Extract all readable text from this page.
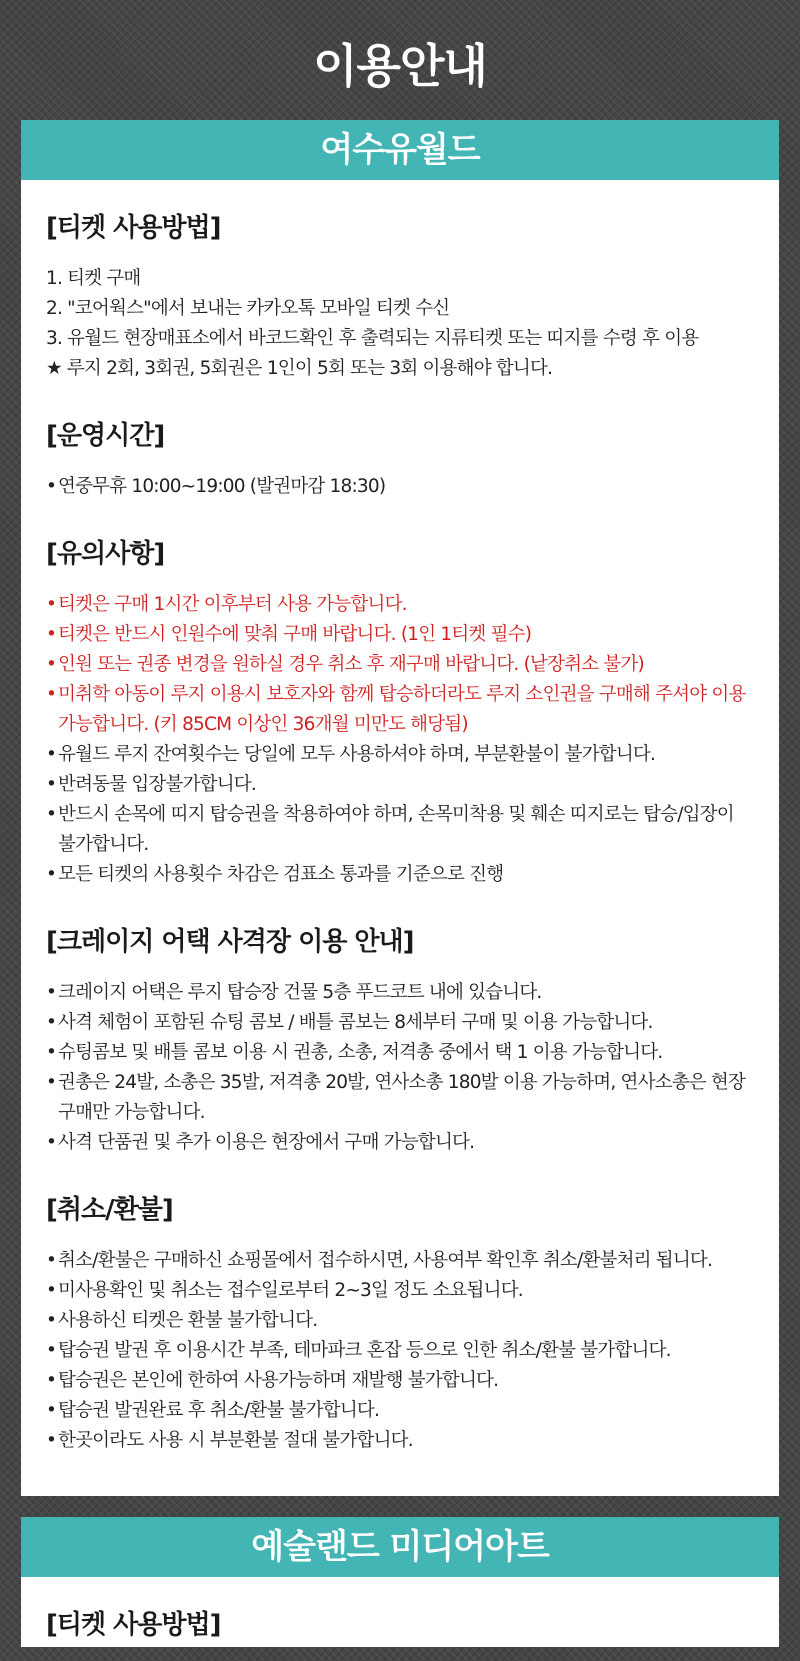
이용안내
여수유월드
[티켓 사용방법]
1. 티켓 구매
2. "코어웍스"에서 보내는 카카오톡 모바일 티켓 수신
3. 유월드 현장매표소에서 바코드확인 후 출력되는 지류티켓 또는 띠지를 수령 후 이용
★ 루지 2회, 3회권, 5회권은 1인이 5회 또는 3회 이용해야 합니다.
[운영시간]
• 연중무휴 10:00~19:00 (발권마감 18:30)
[유의사항]
• 티켓은 구매 1시간 이후부터 사용 가능합니다.
• 티켓은 반드시 인원수에 맞춰 구매 바랍니다. (1인 1티켓 필수)
• 인원 또는 권종 변경을 원하실 경우 취소 후 재구매 바랍니다. (낱장취소 불가)
• 미취학 아동이 루지 이용시 보호자와 함께 탑승하더라도 루지 소인권을 구매해 주셔야 이용 가능합니다. (키 85CM 이상인 36개월 미만도 해당됨)
• 유월드 루지 잔여횟수는 당일에 모두 사용하셔야 하며, 부분환불이 불가합니다.
• 반려동물 입장불가합니다.
• 반드시 손목에 띠지 탑승권을 착용하여야 하며, 손목미착용 및 훼손 띠지로는 탑승/입장이 불가합니다.
• 모든 티켓의 사용횟수 차감은 검표소 통과를 기준으로 진행
[크레이지 어택 사격장 이용 안내]
• 크레이지 어택은 루지 탑승장 건물 5층 푸드코트 내에 있습니다.
• 사격 체험이 포함된 슈팅 콤보 / 배틀 콤보는 8세부터 구매 및 이용 가능합니다.
• 슈팅콤보 및 배틀 콤보 이용 시 권총, 소총, 저격총 중에서 택 1 이용 가능합니다.
• 권총은 24발, 소총은 35발, 저격총 20발, 연사소총 180발 이용 가능하며, 연사소총은 현장 구매만 가능합니다.
• 사격 단품권 및 추가 이용은 현장에서 구매 가능합니다.
[취소/환불]
• 취소/환불은 구매하신 쇼핑몰에서 접수하시면, 사용여부 확인후 취소/환불처리 됩니다.
• 미사용확인 및 취소는 접수일로부터 2~3일 정도 소요됩니다.
• 사용하신 티켓은 환불 불가합니다.
• 탑승권 발권 후 이용시간 부족, 테마파크 혼잡 등으로 인한 취소/환불 불가합니다.
• 탑승권은 본인에 한하여 사용가능하며 재발행 불가합니다.
• 탑승권 발권완료 후 취소/환불 불가합니다.
• 한곳이라도 사용 시 부분환불 절대 불가합니다.
예술랜드 미디어아트
[티켓 사용방법]
